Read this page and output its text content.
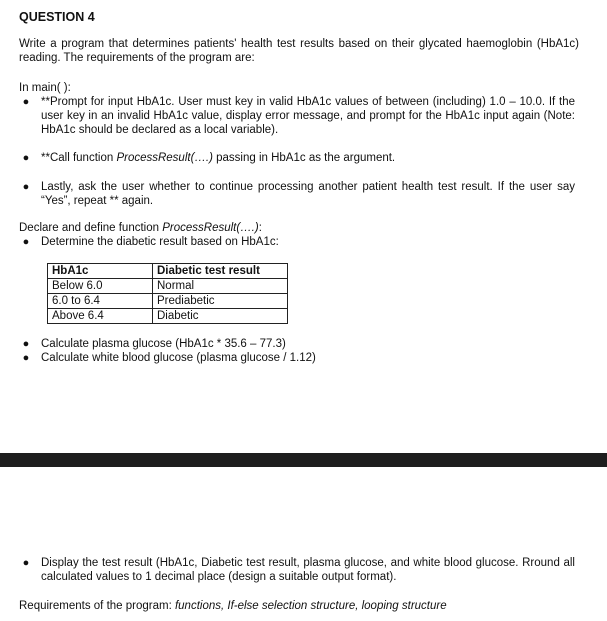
QUESTION 4
Write a program that determines patients' health test results based on their glycated haemoglobin (HbA1c) reading. The requirements of the program are:
In main( ):
●	**Prompt for input HbA1c. User must key in valid HbA1c values of between (including) 1.0 – 10.0. If the user key in an invalid HbA1c value, display error message, and prompt for the HbA1c input again (Note: HbA1c should be declared as a local variable).
●	**Call function ProcessResult(….) passing in HbA1c as the argument.
●	Lastly, ask the user whether to continue processing another patient health test result. If the user say “Yes”, repeat ** again.
Declare and define function ProcessResult(….):
●	Determine the diabetic result based on HbA1c:
HbA1c	Diabetic test result
Below 6.0	Normal
6.0 to 6.4	Prediabetic
Above 6.4	Diabetic
●	Calculate plasma glucose (HbA1c * 35.6 – 77.3)
●	Calculate white blood glucose (plasma glucose / 1.12)
●	Display the test result (HbA1c, Diabetic test result, plasma glucose, and white blood glucose. Rround all calculated values to 1 decimal place (design a suitable output format).
Requirements of the program: functions, If-else selection structure, looping structure
